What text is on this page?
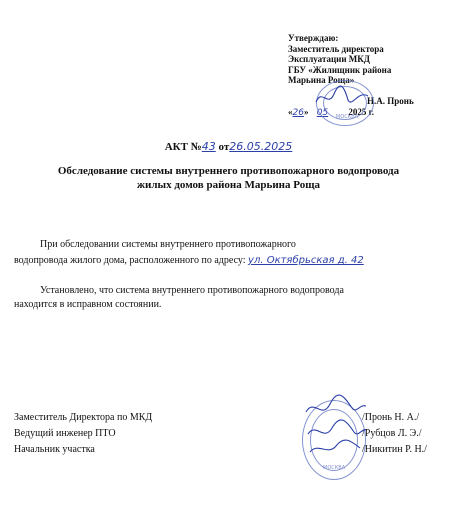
Утверждаю:
Заместитель директора
Эксплуатации МКД
ГБУ «Жилищник района
Марьина Роща»
Н.А. Пронь
«26» 05 2025 г.
МОСКВА
АКТ №43 от26.05.2025
Обследование системы внутреннего противопожарного водопровода
жилых домов района Марьина Роща
При обследовании системы внутреннего противопожарного
водопровода жилого дома, расположенного по адресу: ул. Октябрьская д. 42
Установлено, что система внутреннего противопожарного водопровода
находится в исправном состоянии.
Заместитель Директора по МКД
Ведущий инженер ПТО
Начальник участка
/Пронь Н. А./
/Рубцов Л. Э./
/Никитин Р. Н./
МОСКВА
